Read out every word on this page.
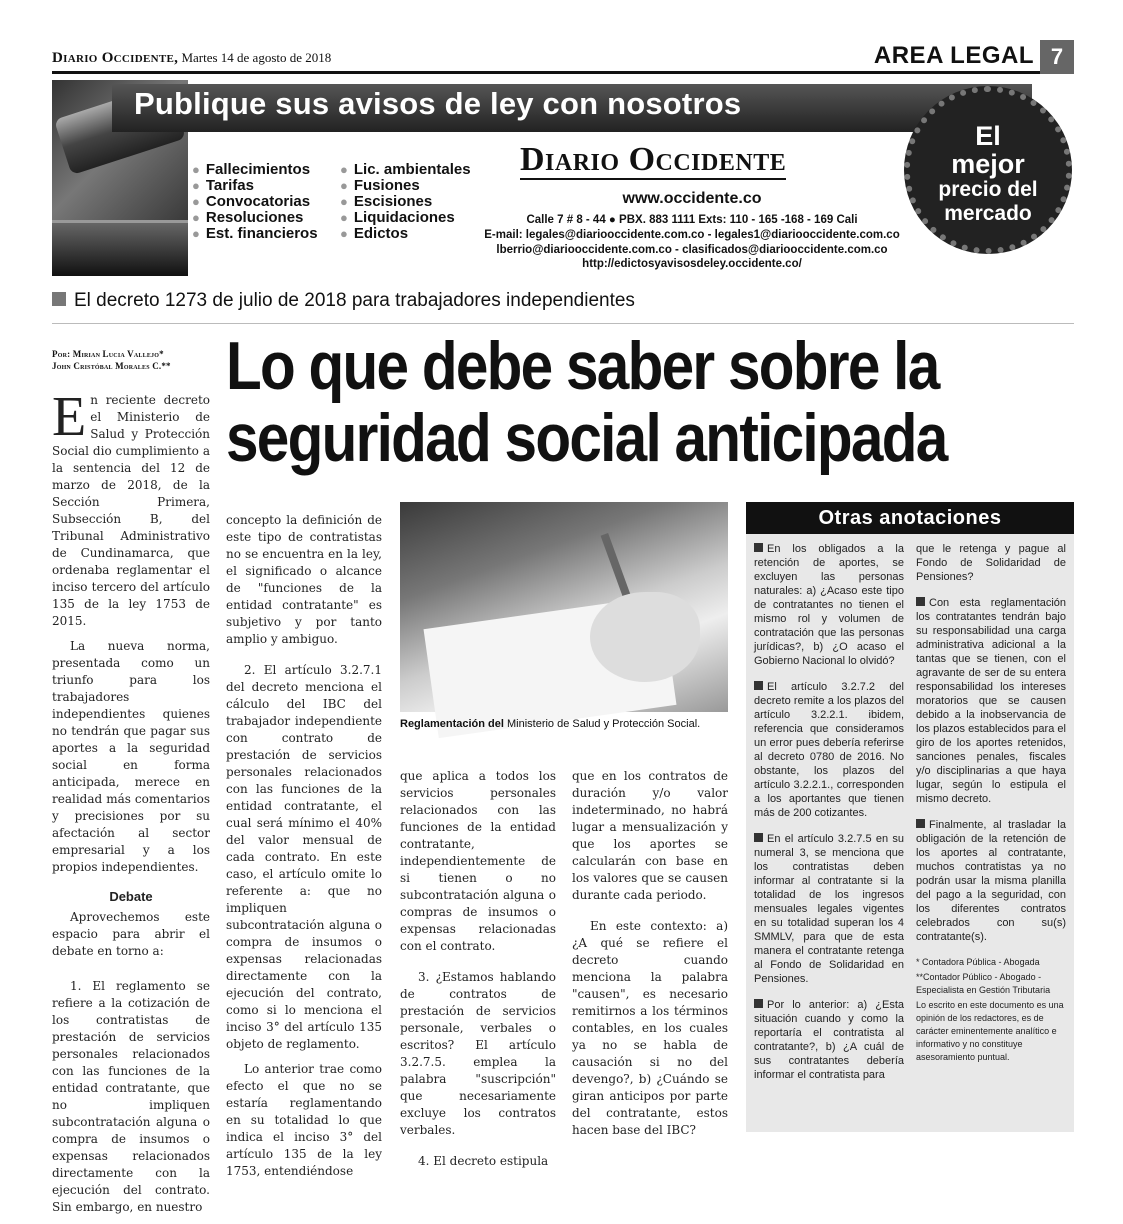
Diario Occidente, Martes 14 de agosto de 2018	AREA LEGAL 7
Publique sus avisos de ley con nosotros
● Fallecimientos
● Tarifas
● Convocatorias
● Resoluciones
● Est. financieros
● Lic. ambientales
● Fusiones
● Escisiones
● Liquidaciones
● Edictos
Diario Occidente
www.occidente.co
Calle 7 # 8 - 44 ● PBX. 883 1111 Exts: 110 - 165 -168 - 169 Cali
E-mail: legales@diariooccidente.com.co - legales1@diariooccidente.com.co
lberrio@diariooccidente.com.co - clasificados@diariooccidente.com.co
http://edictosyavisosdeley.occidente.co/
El
mejor
precio del
mercado
El decreto 1273 de julio de 2018 para trabajadores independientes
Por: Mirian Lucia Vallejo*
John Cristóbal Morales C.** Lo que debe saber sobre la
seguridad social anticipada

En reciente decreto el Ministerio de Salud y Protección Social dio cumplimiento a la sentencia del 12 de marzo de 2018, de la Sección Primera, Subsección B, del Tribunal Administrativo de Cundinamarca, que ordenaba reglamentar el inciso tercero del artículo 135 de la ley 1753 de 2015.

La nueva norma, presentada como un triunfo para los trabajadores independientes quienes no tendrán que pagar sus aportes a la seguridad social en forma anticipada, merece en realidad más comentarios y precisiones por su afectación al sector empresarial y a los propios independientes.

Debate

Aprovechemos este espacio para abrir el debate en torno a:

1. El reglamento se refiere a la cotización de los contratistas de prestación de servicios personales relacionados con las funciones de la entidad contratante, que no impliquen subcontratación alguna o compra de insumos o expensas relacionados directamente con la ejecución del contrato. Sin embargo, en nuestro

concepto la definición de este tipo de contratistas no se encuentra en la ley, el significado o alcance de "funciones de la entidad contratante" es subjetivo y por tanto amplio y ambiguo.

2. El artículo 3.2.7.1 del decreto menciona el cálculo del IBC del trabajador independiente con contrato de prestación de servicios personales relacionados con las funciones de la entidad contratante, el cual será mínimo el 40% del valor mensual de cada contrato. En este caso, el artículo omite lo referente a: que no impliquen subcontratación alguna o compra de insumos o expensas relacionadas directamente con la ejecución del contrato, como si lo menciona el inciso 3° del artículo 135 objeto de reglamento.

Lo anterior trae como efecto el que no se estaría reglamentando en su totalidad lo que indica el inciso 3° del artículo 135 de la ley 1753, entendiéndose

Reglamentación del Ministerio de Salud y Protección Social.

que aplica a todos los servicios personales relacionados con las funciones de la entidad contratante, independientemente de si tienen o no subcontratación alguna o compras de insumos o expensas relacionadas con el contrato.

3. ¿Estamos hablando de contratos de prestación de servicios personale, verbales o escritos? El artículo 3.2.7.5. emplea la palabra "suscripción" que necesariamente excluye los contratos verbales.

4. El decreto estipula

que en los contratos de duración y/o valor indeterminado, no habrá lugar a mensualización y que los aportes se calcularán con base en los valores que se causen durante cada periodo.

En este contexto: a) ¿A qué se refiere el decreto cuando menciona la palabra "causen", es necesario remitirnos a los términos contables, en los cuales ya no se habla de causación si no del devengo?, b) ¿Cuándo se giran anticipos por parte del contratante, estos hacen base del IBC?

Otras anotaciones

En los obligados a la retención de aportes, se excluyen las personas naturales: a) ¿Acaso este tipo de contratantes no tienen el mismo rol y volumen de contratación que las personas jurídicas?, b) ¿O acaso el Gobierno Nacional lo olvidó?

El artículo 3.2.7.2 del decreto remite a los plazos del artículo 3.2.2.1. ibidem, referencia que consideramos un error pues debería referirse al decreto 0780 de 2016. No obstante, los plazos del artículo 3.2.2.1., corresponden a los aportantes que tienen más de 200 cotizantes.

En el artículo 3.2.7.5 en su numeral 3, se menciona que los contratistas deben informar al contratante si la totalidad de los ingresos mensuales legales vigentes en su totalidad superan los 4 SMMLV, para que de esta manera el contratante retenga al Fondo de Solidaridad en Pensiones.

Por lo anterior: a) ¿Esta situación cuando y como la reportaría el contratista al contratante?, b) ¿A cuál de sus contratantes debería informar el contratista para

que le retenga y pague al Fondo de Solidaridad de Pensiones?

Con esta reglamentación los contratantes tendrán bajo su responsabilidad una carga administrativa adicional a la tantas que se tienen, con el agravante de ser de su entera responsabilidad los intereses moratorios que se causen debido a la inobservancia de los plazos establecidos para el giro de los aportes retenidos, sanciones penales, fiscales y/o disciplinarias a que haya lugar, según lo estipula el mismo decreto.

Finalmente, al trasladar la obligación de la retención de los aportes al contratante, muchos contratistas ya no podrán usar la misma planilla del pago a la seguridad, con los diferentes contratos celebrados con su(s) contratante(s).

* Contadora Pública - Abogada

**Contador Público - Abogado - Especialista en Gestión Tributaria

Lo escrito en este documento es una opinión de los redactores, es de carácter eminentemente analítico e informativo y no constituye asesoramiento puntual.
